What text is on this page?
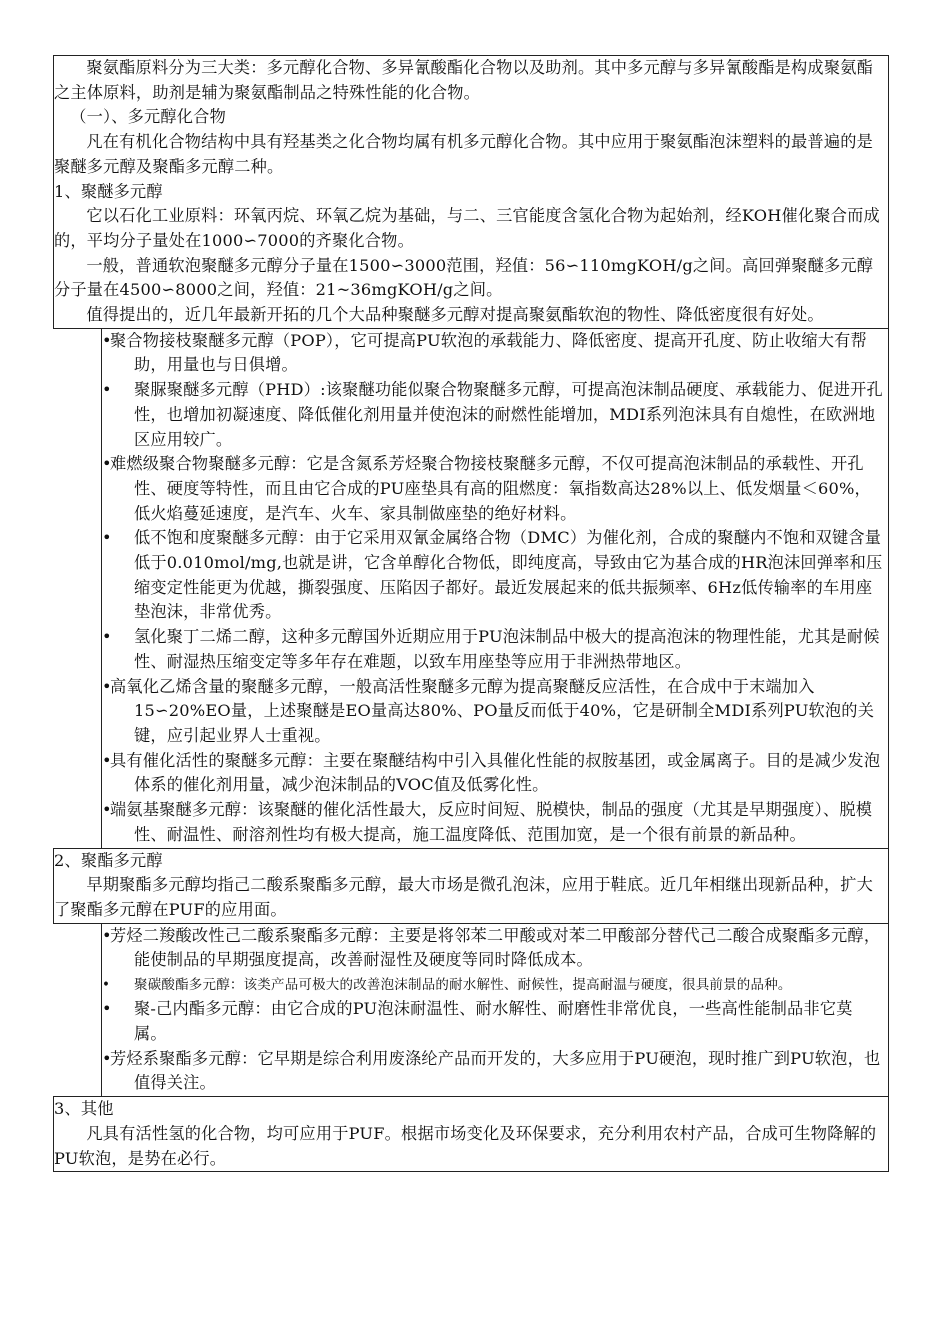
聚氨酯原料分为三大类：多元醇化合物、多异氰酸酯化合物以及助剂。其中多元醇与多异氰酸酯是构成聚氨酯之主体原料，助剂是辅为聚氨酯制品之特殊性能的化合物。

（一）、多元醇化合物

凡在有机化合物结构中具有羟基类之化合物均属有机多元醇化合物。其中应用于聚氨酯泡沫塑料的最普遍的是聚醚多元醇及聚酯多元醇二种。

1、聚醚多元醇

它以石化工业原料：环氧丙烷、环氧乙烷为基础，与二、三官能度含氢化合物为起始剂，经KOH催化聚合而成的，平均分子量处在1000∽7000的齐聚化合物。

一般，普通软泡聚醚多元醇分子量在1500∽3000范围，羟值：56∽110mgKOH/g之间。高回弹聚醚多元醇分子量在4500∽8000之间，羟值：21~36mgKOH/g之间。

值得提出的，近几年最新开拓的几个大品种聚醚多元醇对提高聚氨酯软泡的物性、降低密度很有好处。

•
聚合物接枝聚醚多元醇（POP），它可提高PU软泡的承载能力、降低密度、提高开孔度、防止收缩大有帮助，用量也与日俱增。
•	聚脲聚醚多元醇（PHD）:该聚醚功能似聚合物聚醚多元醇，可提高泡沫制品硬度、承载能力、促进开孔性，也增加初凝速度、降低催化剂用量并使泡沫的耐燃性能增加，MDI系列泡沫具有自熄性，在欧洲地区应用较广。
•
难燃级聚合物聚醚多元醇：它是含氮系芳烃聚合物接枝聚醚多元醇，不仅可提高泡沫制品的承载性、开孔性、硬度等特性，而且由它合成的PU座垫具有高的阻燃度：氧指数高达28%以上、低发烟量＜60%，低火焰蔓延速度，是汽车、火车、家具制做座垫的绝好材料。
•	低不饱和度聚醚多元醇：由于它采用双氰金属络合物（DMC）为催化剂，合成的聚醚内不饱和双键含量低于0.010mol/mg,也就是讲，它含单醇化合物低，即纯度高，导致由它为基合成的HR泡沫回弹率和压缩变定性能更为优越，撕裂强度、压陷因子都好。最近发展起来的低共振频率、6Hz低传输率的车用座垫泡沫，非常优秀。
•	氢化聚丁二烯二醇，这种多元醇国外近期应用于PU泡沫制品中极大的提高泡沫的物理性能，尤其是耐候性、耐湿热压缩变定等多年存在难题，以致车用座垫等应用于非洲热带地区。
•
高氧化乙烯含量的聚醚多元醇，一般高活性聚醚多元醇为提高聚醚反应活性，在合成中于末端加入15∽20%EO量，上述聚醚是EO量高达80%、PO量反而低于40%，它是研制全MDI系列PU软泡的关键，应引起业界人士重视。
•
具有催化活性的聚醚多元醇：主要在聚醚结构中引入具催化性能的叔胺基团，或金属离子。目的是减少发泡体系的催化剂用量，减少泡沫制品的VOC值及低雾化性。
•
端氨基聚醚多元醇：该聚醚的催化活性最大，反应时间短、脱模快，制品的强度（尤其是早期强度）、脱模性、耐温性、耐溶剂性均有极大提高，施工温度降低、范围加宽，是一个很有前景的新品种。

2、聚酯多元醇

早期聚酯多元醇均指己二酸系聚酯多元醇，最大市场是微孔泡沫，应用于鞋底。近几年相继出现新品种，扩大了聚酯多元醇在PUF的应用面。

•
芳烃二羧酸改性己二酸系聚酯多元醇：主要是将邻苯二甲酸或对苯二甲酸部分替代己二酸合成聚酯多元醇，能使制品的早期强度提高，改善耐湿性及硬度等同时降低成本。
•	聚碳酸酯多元醇：该类产品可极大的改善泡沫制品的耐水解性、耐候性，提高耐温与硬度，很具前景的品种。
•	聚-己内酯多元醇：由它合成的PU泡沫耐温性、耐水解性、耐磨性非常优良，一些高性能制品非它莫属。
•
芳烃系聚酯多元醇：它早期是综合利用废涤纶产品而开发的，大多应用于PU硬泡，现时推广到PU软泡，也值得关注。

3、其他

凡具有活性氢的化合物，均可应用于PUF。根据市场变化及环保要求，充分利用农村产品，合成可生物降解的PU软泡，是势在必行。
